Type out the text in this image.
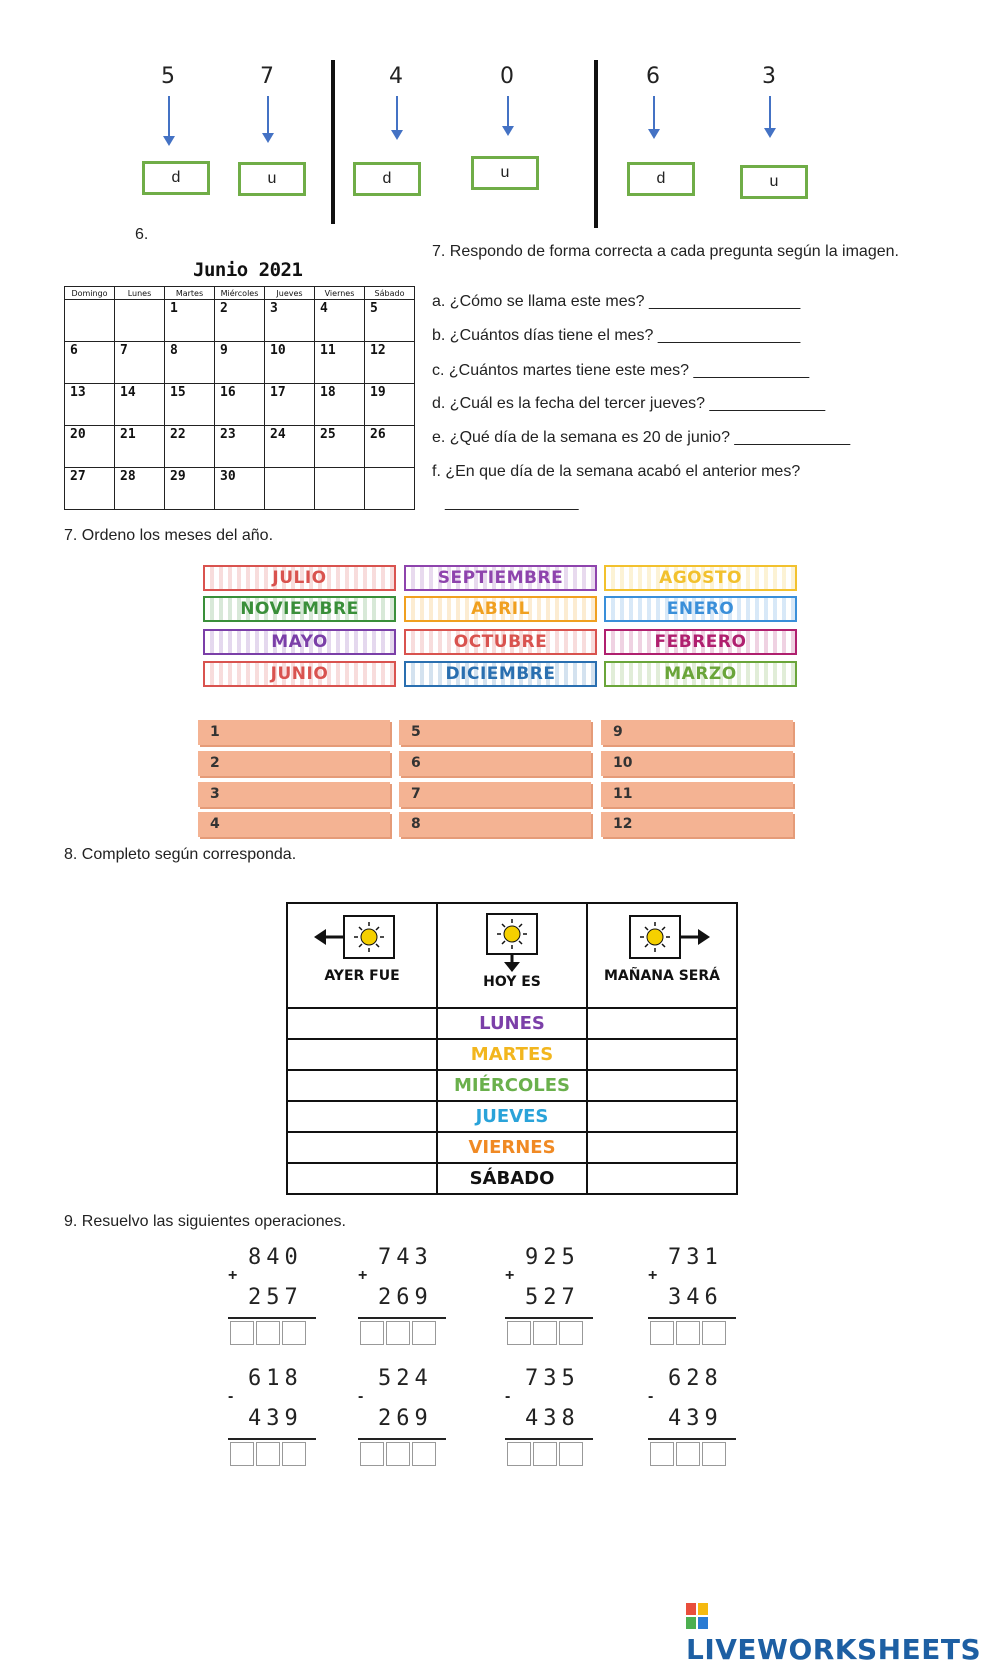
5
d
7
u
4
d
0
u
6
d
3
u
6.
Junio 2021
Domingo	Lunes	Martes	Miércoles	Jueves	Viernes	Sábado
		1	2	3	4	5
6	7	8	9	10	11	12
13	14	15	16	17	18	19
20	21	22	23	24	25	26
27	28	29	30			
7. Respondo de forma correcta a cada pregunta según la imagen.
a. ¿Cómo se llama este mes? _________________
b. ¿Cuántos días tiene el mes? ________________
c. ¿Cuántos martes tiene este mes? _____________
d. ¿Cuál es la fecha del tercer jueves? _____________
e. ¿Qué día de la semana es 20 de junio? _____________
f. ¿En que día de la semana acabó el anterior mes?
_______________
7. Ordeno los meses del año.
JULIO	SEPTIEMBRE	AGOSTO
NOVIEMBRE	ABRIL	ENERO
MAYO	OCTUBRE	FEBRERO
JUNIO	DICIEMBRE	MARZO
1	5	9
2	6	10
3	7	11
4	8	12
8. Completo según corresponda.
AYER FUE	HOY ES	MAÑANA SERÁ
	LUNES	
	MARTES	
	MIÉRCOLES	
	JUEVES	
	VIERNES	
	SÁBADO	
9. Resuelvo las siguientes operaciones.
840
+
257
743
+
269
925
+
527
731
+
346
618
-
439
524
-
269
735
-
438
628
-
439
LIVEWORKSHEETS
